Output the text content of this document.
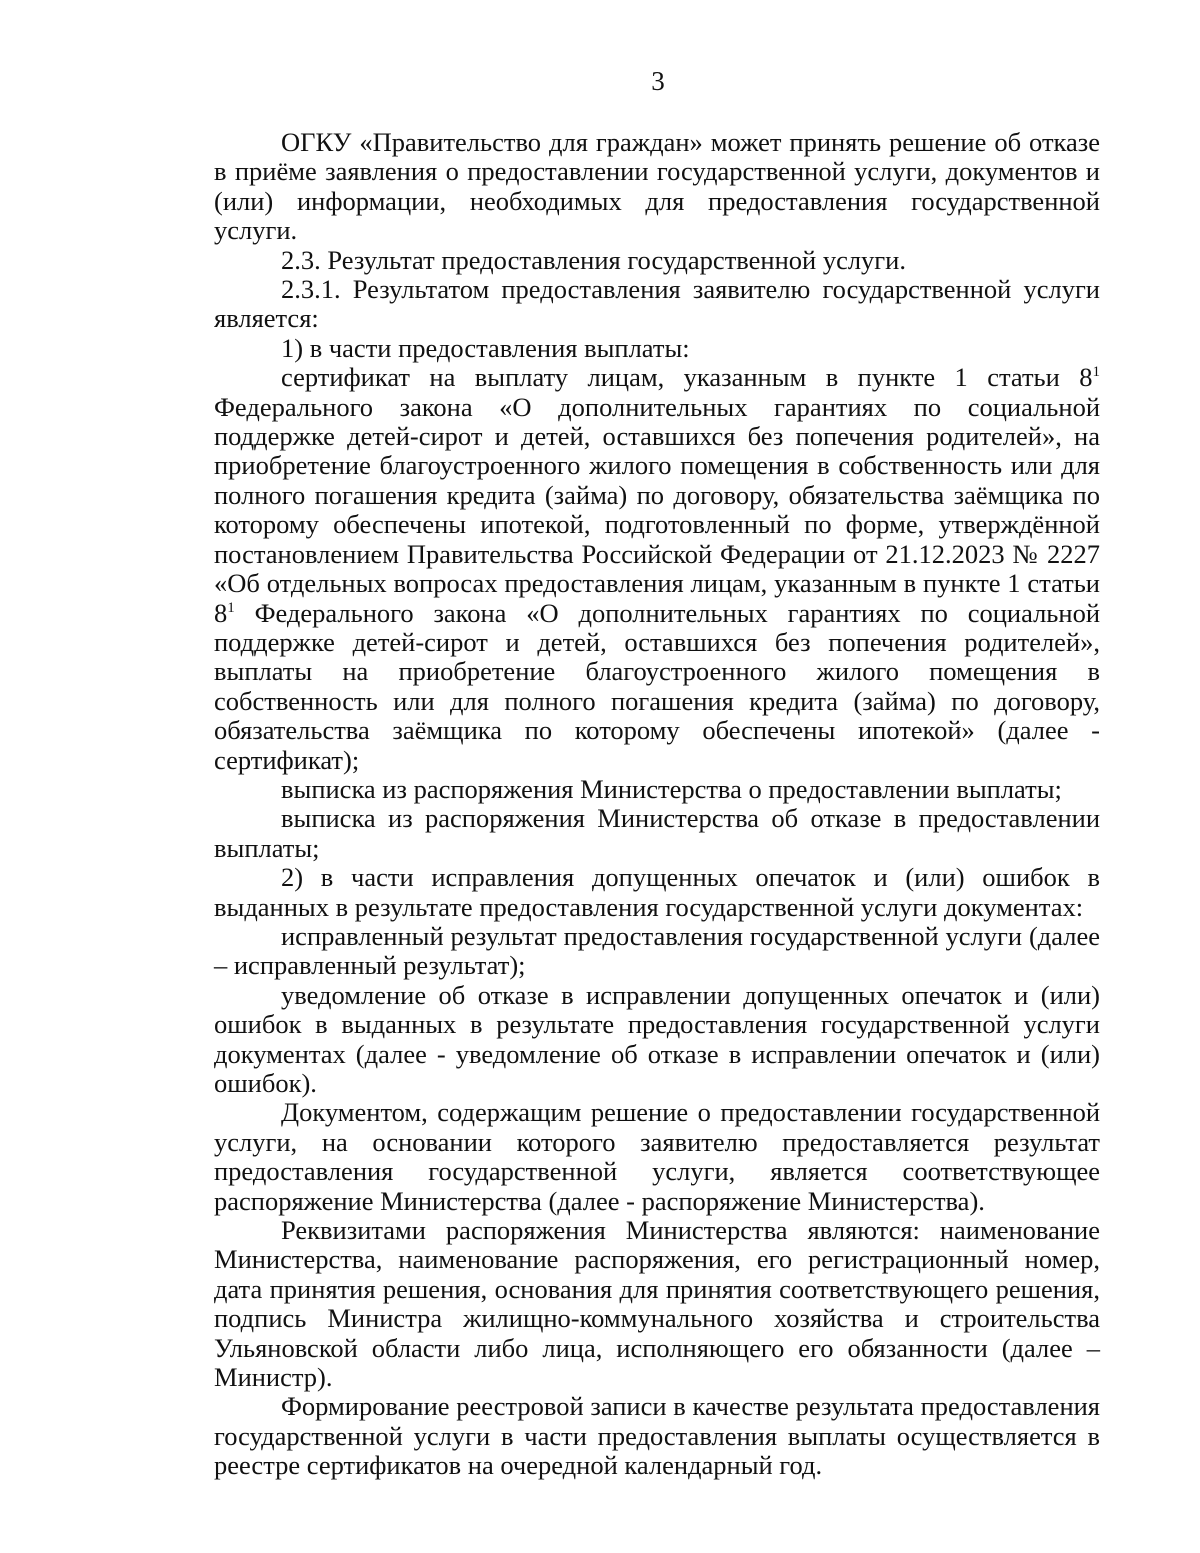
3

ОГКУ «Правительство для граждан» может принять решение об отказе в приёме заявления о предоставлении государственной услуги, документов и (или) информации, необходимых для предоставления государственной услуги.

2.3. Результат предоставления государственной услуги.

2.3.1. Результатом предоставления заявителю государственной услуги является:

1) в части предоставления выплаты:

сертификат на выплату лицам, указанным в пункте 1 статьи $8^1$ Федерального закона «О дополнительных гарантиях по социальной поддержке детей-сирот и детей, оставшихся без попечения родителей», на приобретение благоустроенного жилого помещения в собственность или для полного погашения кредита (займа) по договору, обязательства заёмщика по которому обеспечены ипотекой, подготовленный по форме, утверждённой постановлением Правительства Российской Федерации от 21.12.2023 № 2227 «Об отдельных вопросах предоставления лицам, указанным в пункте 1 статьи $8^1$ Федерального закона «О дополнительных гарантиях по социальной поддержке детей-сирот и детей, оставшихся без попечения родителей», выплаты на приобретение благоустроенного жилого помещения в собственность или для полного погашения кредита (займа) по договору, обязательства заёмщика по которому обеспечены ипотекой» (далее - сертификат);

выписка из распоряжения Министерства о предоставлении выплаты;

выписка из распоряжения Министерства об отказе в предоставлении выплаты;

2) в части исправления допущенных опечаток и (или) ошибок в выданных в результате предоставления государственной услуги документах:

исправленный результат предоставления государственной услуги (далее – исправленный результат);

уведомление об отказе в исправлении допущенных опечаток и (или) ошибок в выданных в результате предоставления государственной услуги документах (далее - уведомление об отказе в исправлении опечаток и (или) ошибок).

Документом, содержащим решение о предоставлении государственной услуги, на основании которого заявителю предоставляется результат предоставления государственной услуги, является соответствующее распоряжение Министерства (далее - распоряжение Министерства).

Реквизитами распоряжения Министерства являются: наименование Министерства, наименование распоряжения, его регистрационный номер, дата принятия решения, основания для принятия соответствующего решения, подпись Министра жилищно-коммунального хозяйства и строительства Ульяновской области либо лица, исполняющего его обязанности (далее – Министр).

Формирование реестровой записи в качестве результата предоставления государственной услуги в части предоставления выплаты осуществляется в реестре сертификатов на очередной календарный год.
